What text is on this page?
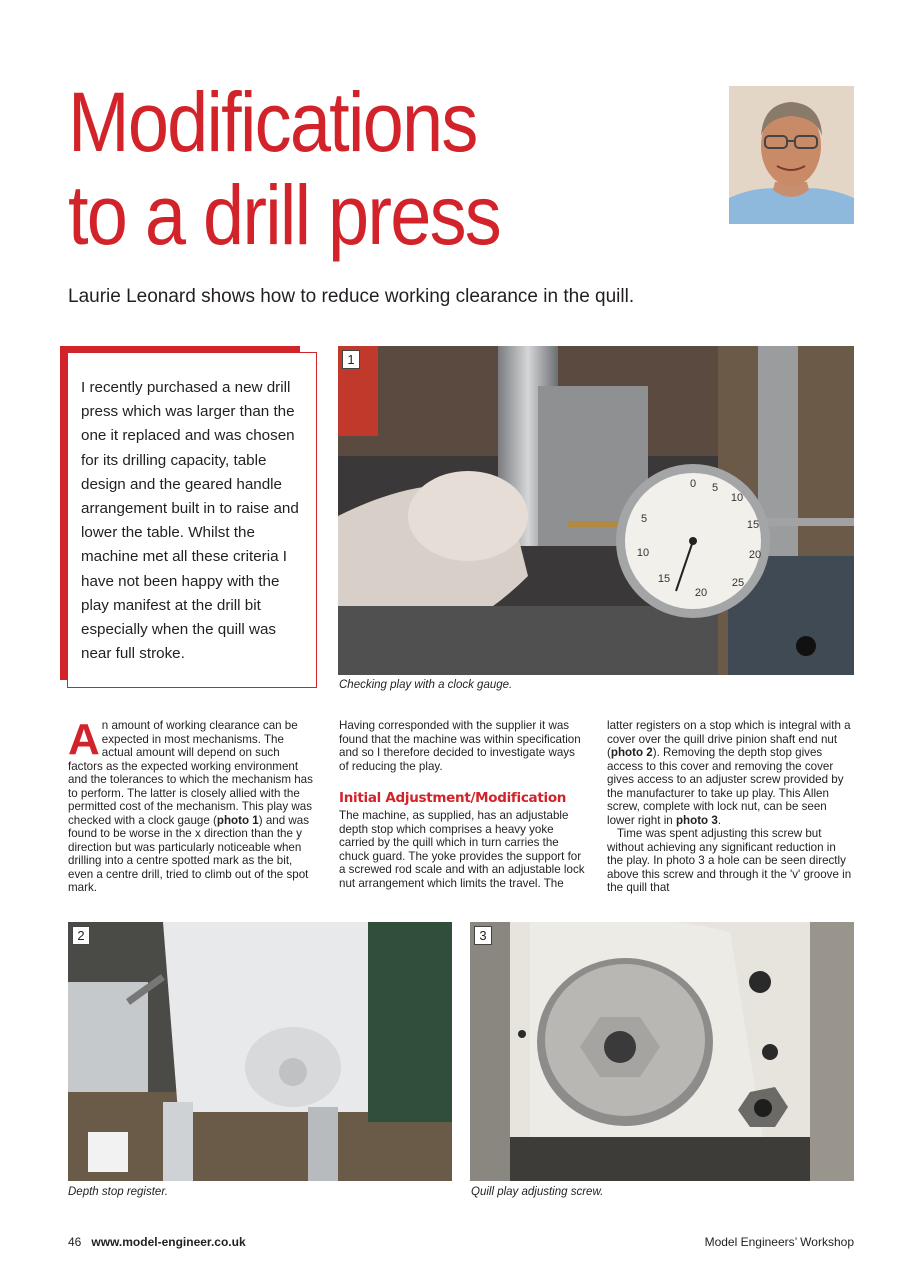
Modifications
to a drill press
Laurie Leonard shows how to reduce working clearance in the quill.

I recently purchased a new drill press which was larger than the one it replaced and was chosen for its drilling capacity, table design and the geared handle arrangement built in to raise and lower the table. Whilst the machine met all these criteria I have not been happy with the play manifest at the drill bit especially when the quill was near full stroke.

0 5
10
15
20
25
20
15
10
5
1
Checking play with a clock gauge.

An amount of working clearance can be expected in most mechanisms. The actual amount will depend on such factors as the expected working environment and the tolerances to which the mechanism has to perform. The latter is closely allied with the permitted cost of the mechanism. This play was checked with a clock gauge (photo 1) and was found to be worse in the x direction than the y direction but was particularly noticeable when drilling into a centre spotted mark as the bit, even a centre drill, tried to climb out of the spot mark.

Having corresponded with the supplier it was found that the machine was within specification and so I therefore decided to investigate ways of reducing the play.

Initial Adjustment/Modification

The machine, as supplied, has an adjustable depth stop which comprises a heavy yoke carried by the quill which in turn carries the chuck guard. The yoke provides the support for a screwed rod scale and with an adjustable lock nut arrangement which limits the travel. The

latter registers on a stop which is integral with a cover over the quill drive pinion shaft end nut (photo 2). Removing the depth stop gives access to this cover and removing the cover gives access to an adjuster screw provided by the manufacturer to take up play. This Allen screw, complete with lock nut, can be seen lower right in photo 3.

Time was spent adjusting this screw but without achieving any significant reduction in the play. In photo 3 a hole can be seen directly above this screw and through it the 'v' groove in the quill that

2
Depth stop register.
3
Quill play adjusting screw.
46 www.model-engineer.co.uk	Model Engineers’ Workshop
